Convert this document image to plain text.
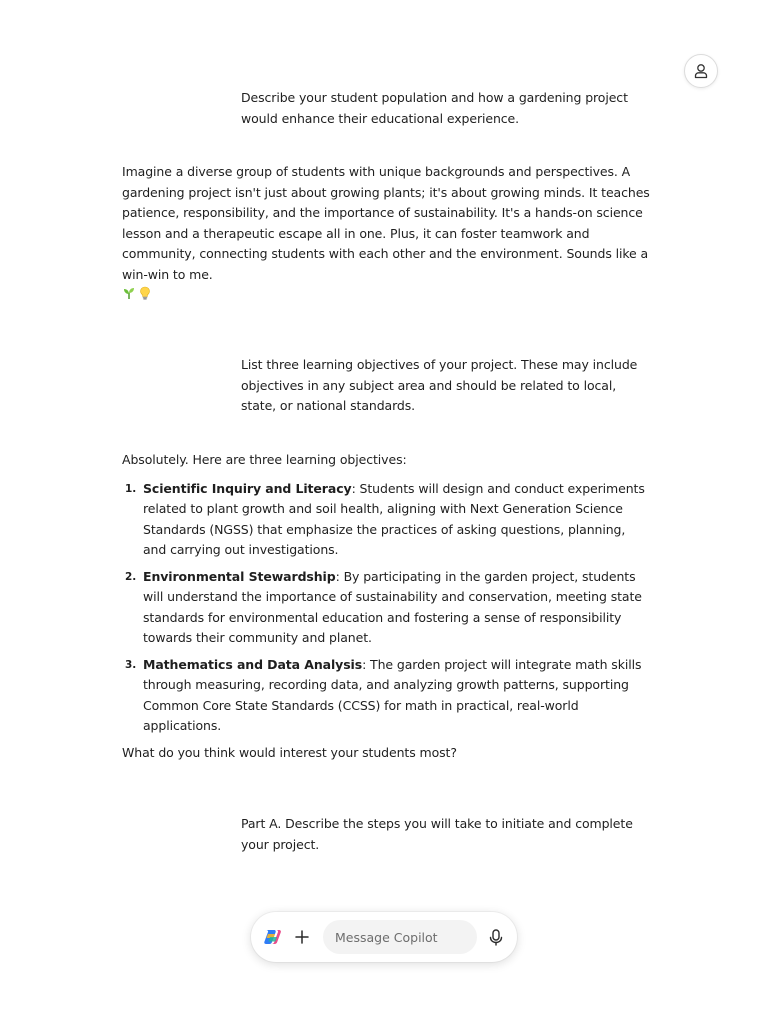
Describe your student population and how a gardening project would enhance their educational experience.

Imagine a diverse group of students with unique backgrounds and perspectives. A gardening project isn't just about growing plants; it's about growing minds. It teaches patience, responsibility, and the importance of sustainability. It's a hands-on science lesson and a therapeutic escape all in one. Plus, it can foster teamwork and community, connecting students with each other and the environment. Sounds like a win-win to me.

List three learning objectives of your project. These may include objectives in any subject area and should be related to local, state, or national standards.

Absolutely. Here are three learning objectives:

1. Scientific Inquiry and Literacy: Students will design and conduct experiments related to plant growth and soil health, aligning with Next Generation Science Standards (NGSS) that emphasize the practices of asking questions, planning, and carrying out investigations.
2. Environmental Stewardship: By participating in the garden project, students will understand the importance of sustainability and conservation, meeting state standards for environmental education and fostering a sense of responsibility towards their community and planet.
3. Mathematics and Data Analysis: The garden project will integrate math skills through measuring, recording data, and analyzing growth patterns, supporting Common Core State Standards (CCSS) for math in practical, real-world applications.

What do you think would interest your students most?

Part A. Describe the steps you will take to initiate and complete your project.
Message Copilot
